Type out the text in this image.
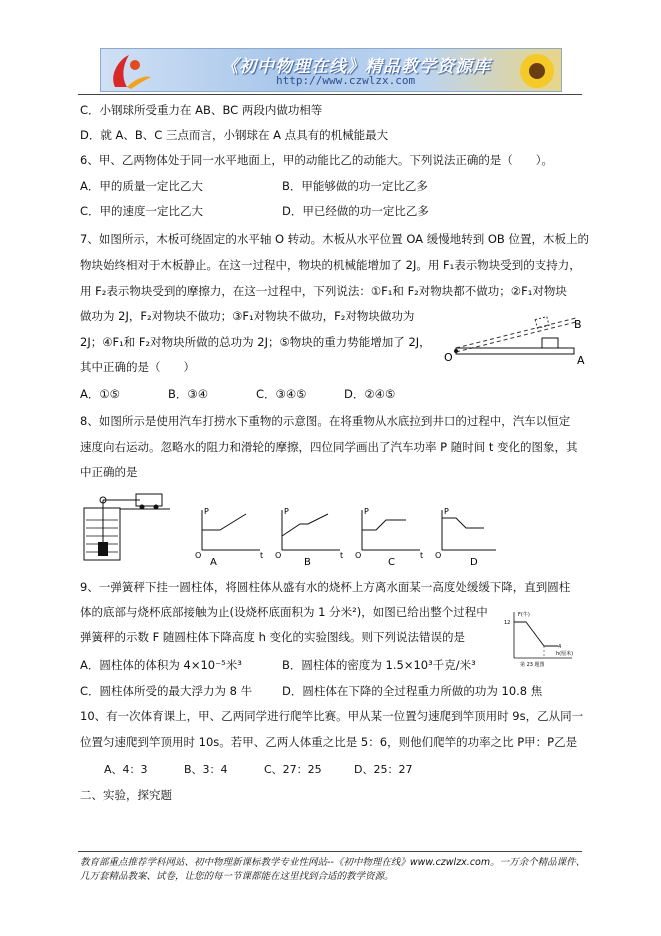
《初中物理在线》精品教学资源库
http://www.czwlzx.com
C．小钢球所受重力在 AB、BC 两段内做功相等
D．就 A、B、C 三点而言，小钢球在 A 点具有的机械能最大
6、甲、乙两物体处于同一水平地面上，甲的动能比乙的动能大。下列说法正确的是（　　）。
A．甲的质量一定比乙大	B．甲能够做的功一定比乙多
C．甲的速度一定比乙大	D．甲已经做的功一定比乙多
7、如图所示，木板可绕固定的水平轴 O 转动。木板从水平位置 OA 缓慢地转到 OB 位置，木板上的
物块始终相对于木板静止。在这一过程中，物块的机械能增加了 2J。用 F₁表示物块受到的支持力，
用 F₂表示物块受到的摩擦力，在这一过程中，下列说法：①F₁和 F₂对物块都不做功；②F₁对物块
做功为 2J，F₂对物块不做功；③F₁对物块不做功，F₂对物块做功为
2J；④F₁和 F₂对物块所做的总功为 2J；⑤物块的重力势能增加了 2J，
其中正确的是（　　）
O	A
B
A．①⑤	B．③④	C．③④⑤	D．②④⑤
8、如图所示是使用汽车打捞水下重物的示意图。在将重物从水底拉到井口的过程中，汽车以恒定
速度向右运动。忽略水的阻力和滑轮的摩擦，四位同学画出了汽车功率 P 随时间 t 变化的图象，其
中正确的是
P
O	t
A
P
O	t
B
P
O	t
C
P
O
D
9、一弹簧秤下挂一圆柱体，将圆柱体从盛有水的烧杯上方离水面某一高度处缓缓下降，直到圆柱
体的底部与烧杯底部接触为止(设烧杯底面积为 1 分米²)，如图已给出整个过程中
弹簧秤的示数 F 随圆柱体下降高度 h 变化的实验图线。则下列说法错误的是
F(牛)
h(厘米)
12
4
第 23 题图
A．圆柱体的体积为 4×10⁻⁵米³	B．圆柱体的密度为 1.5×10³千克/米³
C．圆柱体所受的最大浮力为 8 牛	D．圆柱体在下降的全过程重力所做的功为 10.8 焦
10、有一次体育课上，甲、乙两同学进行爬竿比赛。甲从某一位置匀速爬到竿顶用时 9s，乙从同一
位置匀速爬到竿顶用时 10s。若甲、乙两人体重之比是 5：6，则他们爬竿的功率之比 P甲：P乙是
A、4：3	B、3：4	C、27：25	D、25：27
二、实验，探究题
教育部重点推荐学科网站、初中物理新课标教学专业性网站--《初中物理在线》www.czwlzx.com。一万余个精品课件、
几万套精品教案、试卷，让您的每一节课都能在这里找到合适的教学资源。
